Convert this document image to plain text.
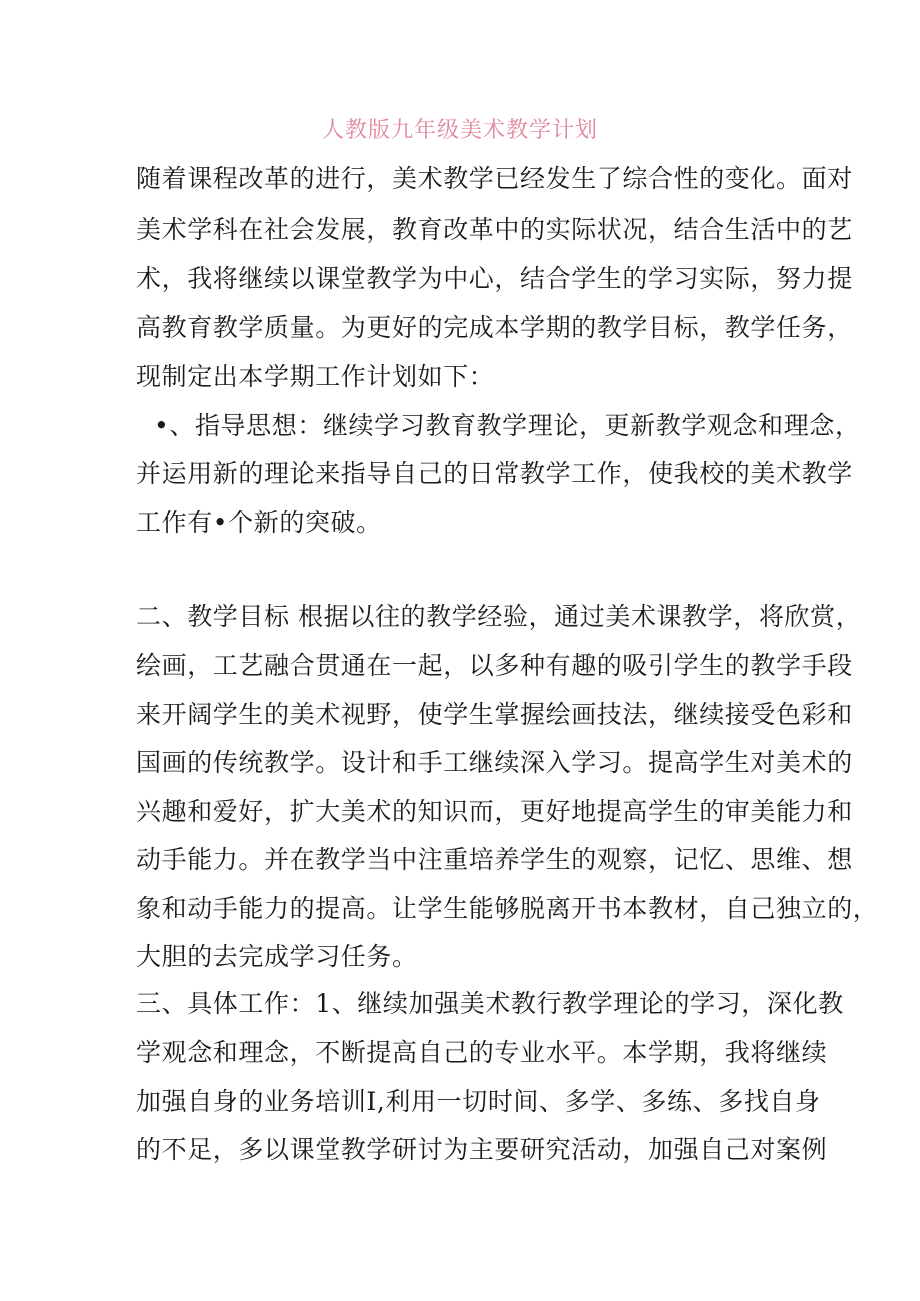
人教版九年级美术教学计划
随着课程改革的进行，美术教学已经发生了综合性的变化。面对
美术学科在社会发展，教育改革中的实际状况，结合生活中的艺
术，我将继续以课堂教学为中心，结合学生的学习实际，努力提
高教育教学质量。为更好的完成本学期的教学目标，教学任务，
现制定出本学期工作计划如下：
•、指导思想：继续学习教育教学理论，更新教学观念和理念，
并运用新的理论来指导自己的日常教学工作，使我校的美术教学
工作有•个新的突破。
二、教学目标 根据以往的教学经验，通过美术课教学，将欣赏，
绘画，工艺融合贯通在一起，以多种有趣的吸引学生的教学手段
来开阔学生的美术视野，使学生掌握绘画技法，继续接受色彩和
国画的传统教学。设计和手工继续深入学习。提高学生对美术的
兴趣和爱好，扩大美术的知识而，更好地提高学生的审美能力和
动手能力。并在教学当中注重培养学生的观察，记忆、思维、想
象和动手能力的提高。让学生能够脱离开书本教材，自己独立的，
大胆的去完成学习任务。
三、具体工作：1、继续加强美术教行教学理论的学习，深化教
学观念和理念，不断提高自己的专业水平。本学期，我将继续
加强自身的业务培训I,利用一切时间、多学、多练、多找自身
的不足，多以课堂教学研讨为主要研究活动，加强自己对案例
